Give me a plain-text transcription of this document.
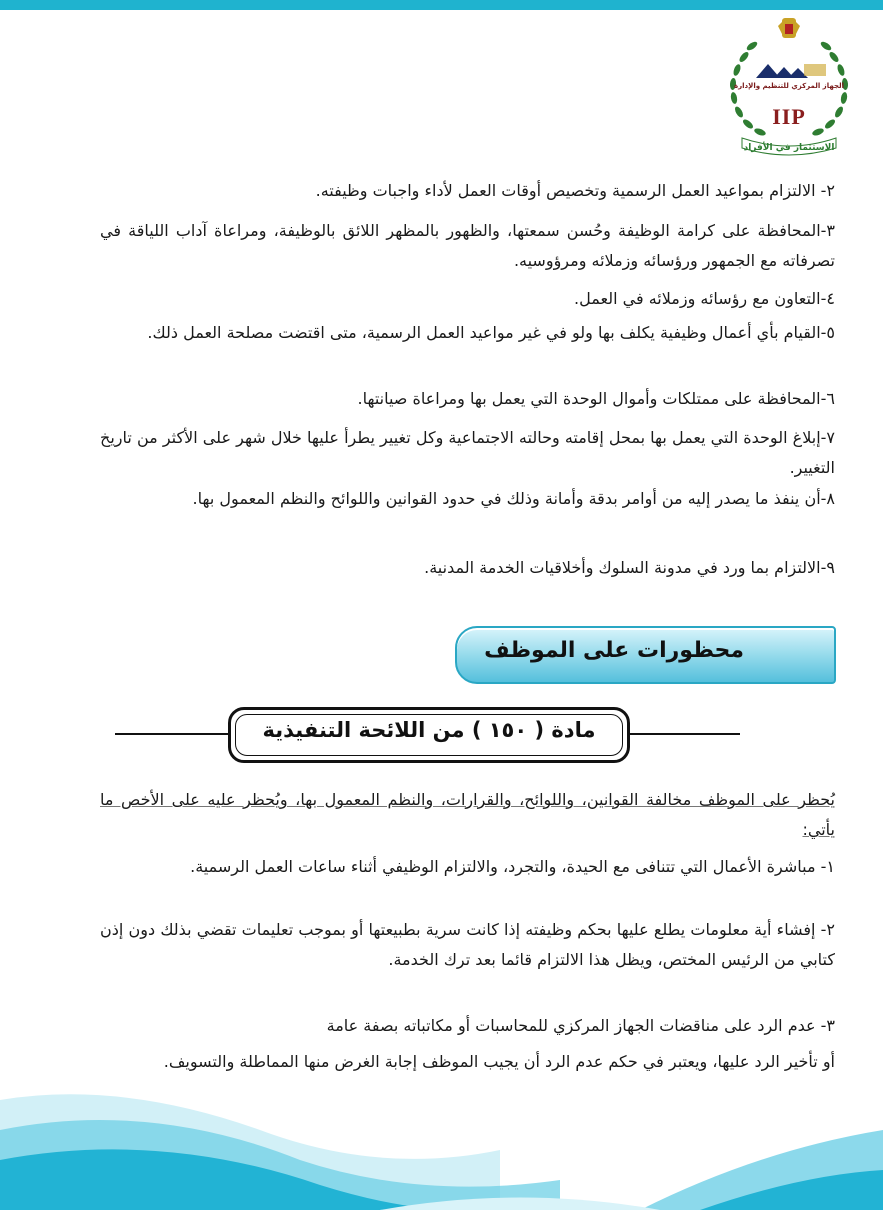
الجهاز المركزي للتنظيم والإدارة
IIP
الاستثمار في الأفراد
٢- الالتزام بمواعيد العمل الرسمية وتخصيص أوقات العمل لأداء واجبات وظيفته.
٣-المحافظة على كرامة الوظيفة وحُسن سمعتها، والظهور بالمظهر اللائق بالوظيفة، ومراعاة آداب اللياقة في تصرفاته مع الجمهور ورؤسائه وزملائه ومرؤوسيه.
٤-التعاون مع رؤسائه وزملائه في العمل.
٥-القيام بأي أعمال وظيفية يكلف بها ولو في غير مواعيد العمل الرسمية، متى اقتضت مصلحة العمل ذلك.
٦-المحافظة على ممتلكات وأموال الوحدة التي يعمل بها ومراعاة صيانتها.
٧-إبلاغ الوحدة التي يعمل بها بمحل إقامته وحالته الاجتماعية وكل تغيير يطرأ عليها خلال شهر على الأكثر من تاريخ التغيير.
٨-أن ينفذ ما يصدر إليه من أوامر بدقة وأمانة وذلك في حدود القوانين واللوائح والنظم المعمول بها.
٩-الالتزام بما ورد في مدونة السلوك وأخلاقيات الخدمة المدنية.
محظورات على الموظف
مادة ( ١٥٠ ) من اللائحة التنفيذية
يُحظر على الموظف مخالفة القوانين، واللوائح، والقرارات، والنظم المعمول بها، ويُحظر عليه على الأخص ما يأتي:
١- مباشرة الأعمال التي تتنافى مع الحيدة، والتجرد، والالتزام الوظيفي أثناء ساعات العمل الرسمية.
٢- إفشاء أية معلومات يطلع عليها بحكم وظيفته إذا كانت سرية بطبيعتها أو بموجب تعليمات تقضي بذلك دون إذن كتابي من الرئيس المختص، ويظل هذا الالتزام قائما بعد ترك الخدمة.
٣- عدم الرد على مناقضات الجهاز المركزي للمحاسبات أو مكاتباته بصفة عامة
أو تأخير الرد عليها، ويعتبر في حكم عدم الرد أن يجيب الموظف إجابة الغرض منها المماطلة والتسويف.
